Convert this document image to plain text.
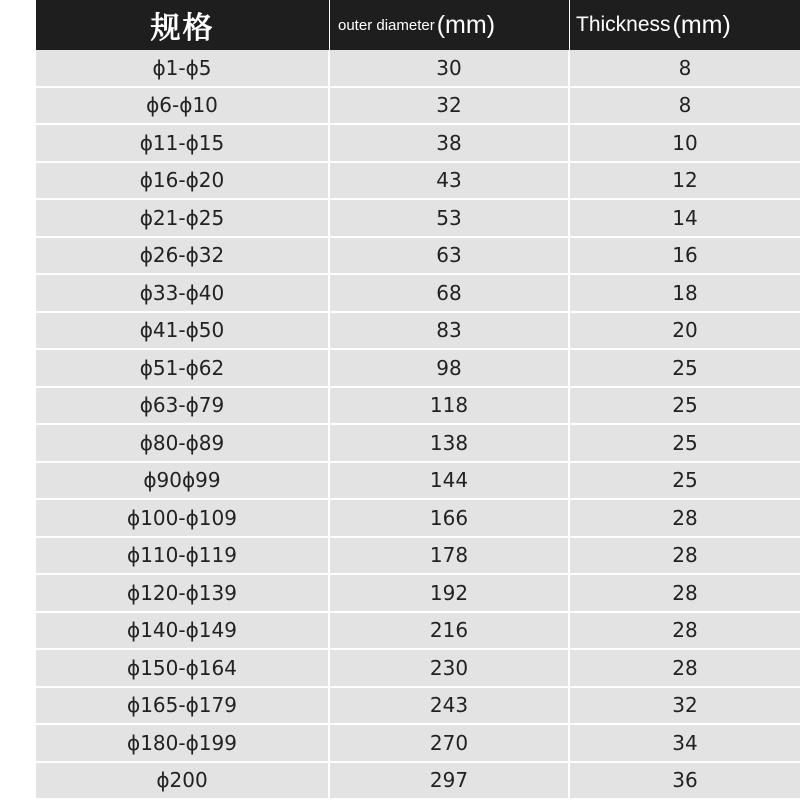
规格	outer diameter (mm)	Thickness (mm)
ϕ1-ϕ5	30	8
ϕ6-ϕ10	32	8
ϕ11-ϕ15	38	10
ϕ16-ϕ20	43	12
ϕ21-ϕ25	53	14
ϕ26-ϕ32	63	16
ϕ33-ϕ40	68	18
ϕ41-ϕ50	83	20
ϕ51-ϕ62	98	25
ϕ63-ϕ79	118	25
ϕ80-ϕ89	138	25
ϕ90ϕ99	144	25
ϕ100-ϕ109	166	28
ϕ110-ϕ119	178	28
ϕ120-ϕ139	192	28
ϕ140-ϕ149	216	28
ϕ150-ϕ164	230	28
ϕ165-ϕ179	243	32
ϕ180-ϕ199	270	34
ϕ200	297	36
